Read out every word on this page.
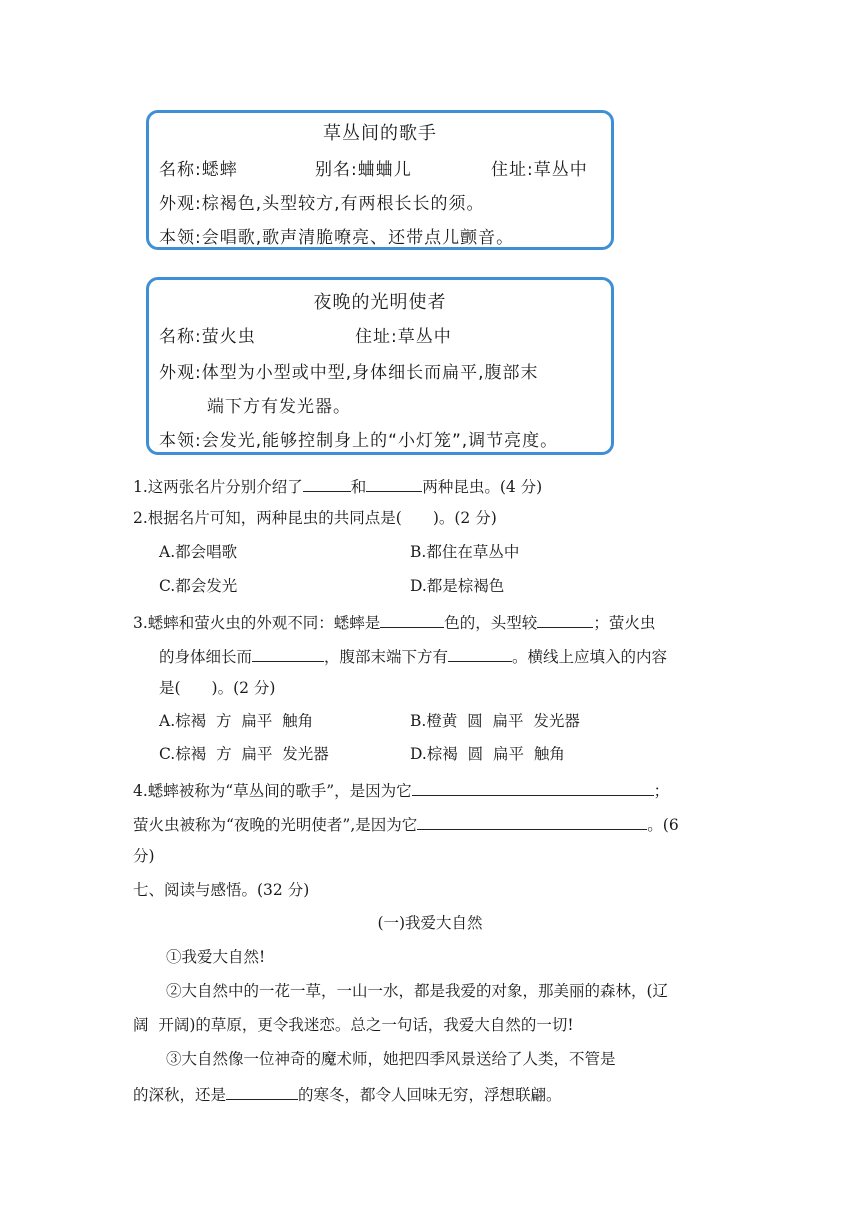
草丛间的歌手
名称:蟋蟀	别名:蛐蛐儿	住址:草丛中
外观:棕褐色,头型较方,有两根长长的须。
本领:会唱歌,歌声清脆嘹亮、还带点儿颤音。
夜晚的光明使者
名称:萤火虫	住址:草丛中
外观:体型为小型或中型,身体细长而扁平,腹部末
端下方有发光器。
本领:会发光,能够控制身上的“小灯笼”,调节亮度。
1.这两张名片分别介绍了	和	两种昆虫。(4 分)
2.根据名片可知，两种昆虫的共同点是(　　)。(2 分)
A.都会唱歌	B.都住在草丛中
C.都会发光	D.都是棕褐色
3.蟋蟀和萤火虫的外观不同：蟋蟀是	色的，头型较	；萤火虫
的身体细长而	，腹部末端下方有	。横线上应填入的内容
是(　　)。(2 分)
A.棕褐  方  扁平  触角	B.橙黄  圆  扁平  发光器
C.棕褐  方  扁平  发光器	D.棕褐  圆  扁平  触角
4.蟋蟀被称为“草丛间的歌手”，是因为它	；
萤火虫被称为“夜晚的光明使者”,是因为它	。(6
分)
七、阅读与感悟。(32 分)
(一)我爱大自然
①我爱大自然!
②大自然中的一花一草，一山一水，都是我爱的对象，那美丽的森林，(辽
阔  开阔)的草原，更令我迷恋。总之一句话，我爱大自然的一切!
③大自然像一位神奇的魔术师，她把四季风景送给了人类，不管是
的深秋，还是	的寒冬，都令人回味无穷，浮想联翩。
